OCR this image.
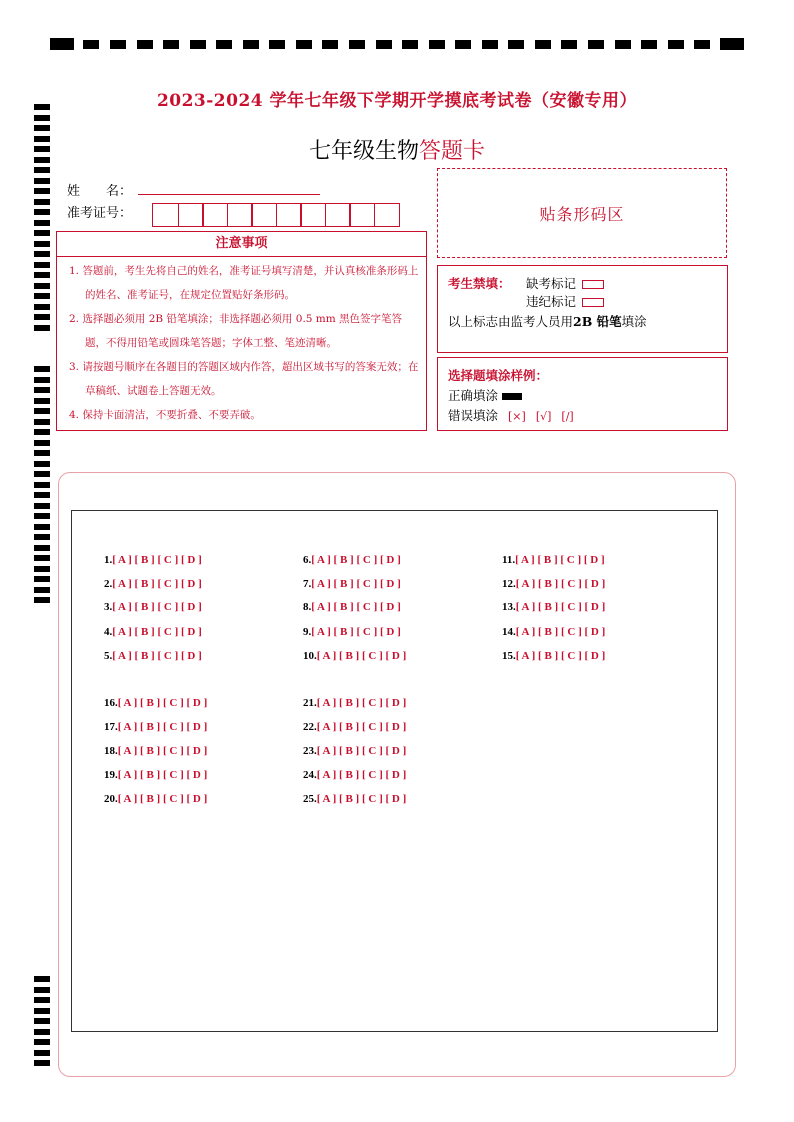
2023-2024 学年七年级下学期开学摸底考试卷（安徽专用）
七年级生物答题卡
姓　　名：
准考证号：	贴条形码区
注意事项
1. 答题前，考生先将自己的姓名，准考证号填写清楚，并认真核准条形码上的姓名、准考证号，在规定位置贴好条形码。
2. 选择题必须用 2B 铅笔填涂；非选择题必须用 0.5 mm 黑色签字笔答题，不得用铅笔或圆珠笔答题；字体工整、笔迹清晰。
3. 请按题号顺序在各题目的答题区域内作答，超出区域书写的答案无效；在草稿纸、试题卷上答题无效。
4. 保持卡面清洁，不要折叠、不要弄破。
考生禁填： 缺考标记
违纪标记
以上标志由监考人员用2B 铅笔填涂
选择题填涂样例：
正确填涂
错误填涂 [×] [√] [/]
1.[ A ] [ B ] [ C ] [ D ]
2.[ A ] [ B ] [ C ] [ D ]
3.[ A ] [ B ] [ C ] [ D ]
4.[ A ] [ B ] [ C ] [ D ]
5.[ A ] [ B ] [ C ] [ D ]
6.[ A ] [ B ] [ C ] [ D ]
7.[ A ] [ B ] [ C ] [ D ]
8.[ A ] [ B ] [ C ] [ D ]
9.[ A ] [ B ] [ C ] [ D ]
10.[ A ] [ B ] [ C ] [ D ]
11.[ A ] [ B ] [ C ] [ D ]
12.[ A ] [ B ] [ C ] [ D ]
13.[ A ] [ B ] [ C ] [ D ]
14.[ A ] [ B ] [ C ] [ D ]
15.[ A ] [ B ] [ C ] [ D ]
16.[ A ] [ B ] [ C ] [ D ]
17.[ A ] [ B ] [ C ] [ D ]
18.[ A ] [ B ] [ C ] [ D ]
19.[ A ] [ B ] [ C ] [ D ]
20.[ A ] [ B ] [ C ] [ D ]
21.[ A ] [ B ] [ C ] [ D ]
22.[ A ] [ B ] [ C ] [ D ]
23.[ A ] [ B ] [ C ] [ D ]
24.[ A ] [ B ] [ C ] [ D ]
25.[ A ] [ B ] [ C ] [ D ]
